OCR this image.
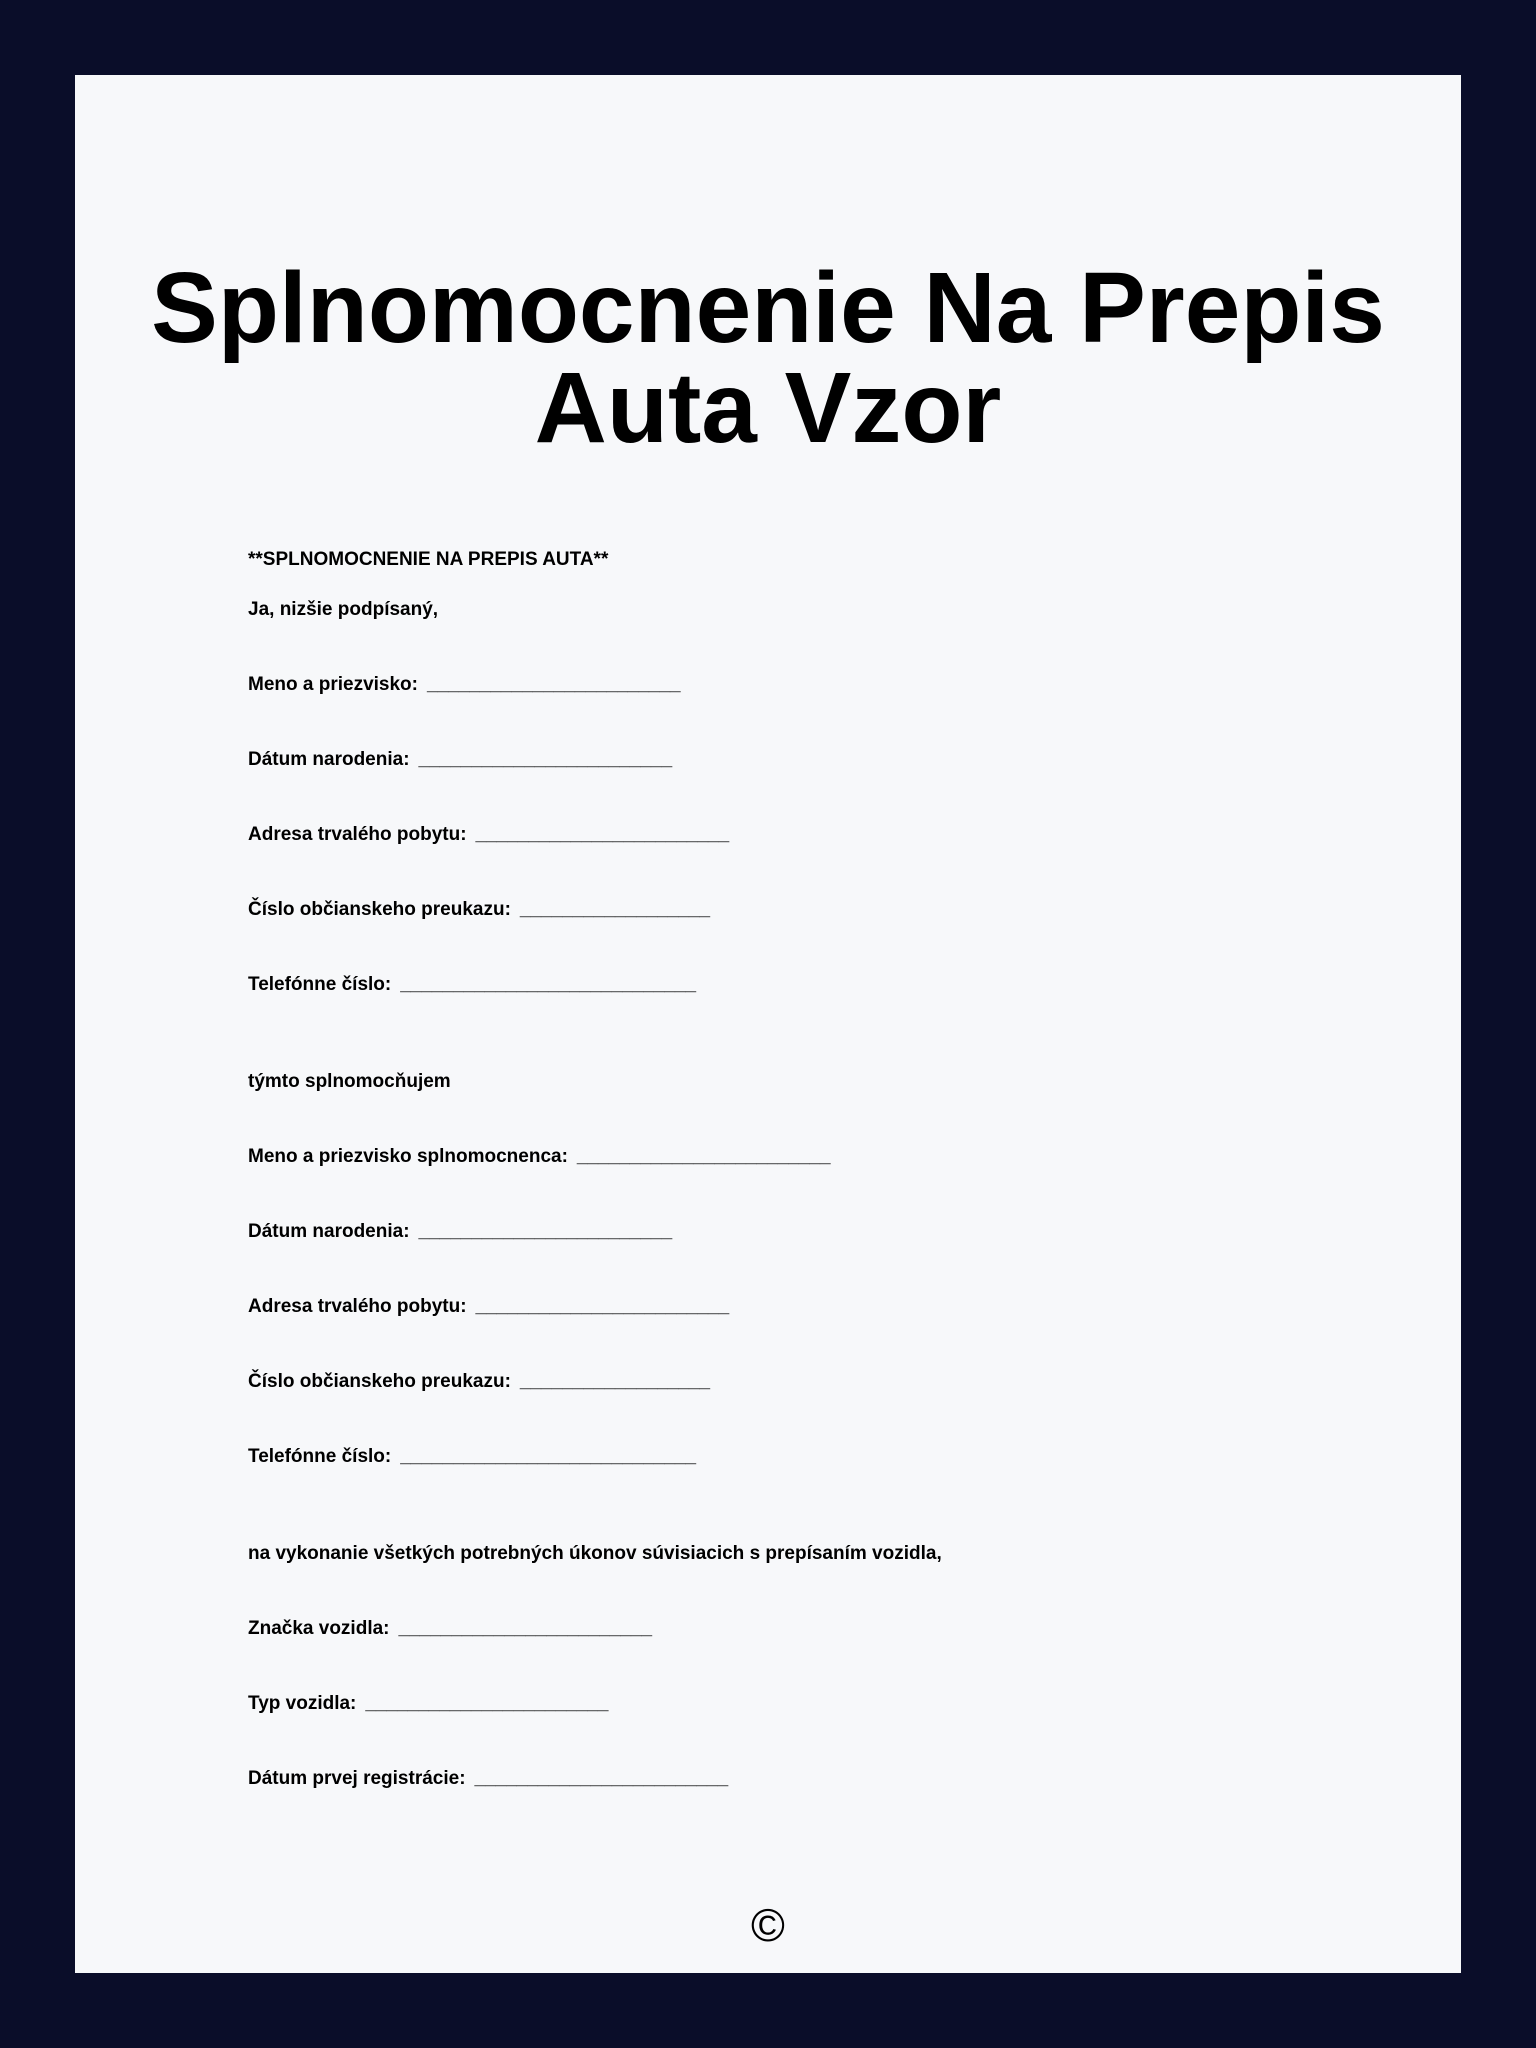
Splnomocnenie Na Prepis
Auta Vzor

**SPLNOMOCNENIE NA PREPIS AUTA**

Ja, nizšie podpísaný,

Meno a priezvisko: ________________________

Dátum narodenia: ________________________

Adresa trvalého pobytu: ________________________

Číslo občianskeho preukazu: __________________

Telefónne číslo: ____________________________

týmto splnomocňujem

Meno a priezvisko splnomocnenca: ________________________

Dátum narodenia: ________________________

Adresa trvalého pobytu: ________________________

Číslo občianskeho preukazu: __________________

Telefónne číslo: ____________________________

na vykonanie všetkých potrebných úkonov súvisiacich s prepísaním vozidla,

Značka vozidla: ________________________

Typ vozidla: _______________________

Dátum prvej registrácie: ________________________

©
